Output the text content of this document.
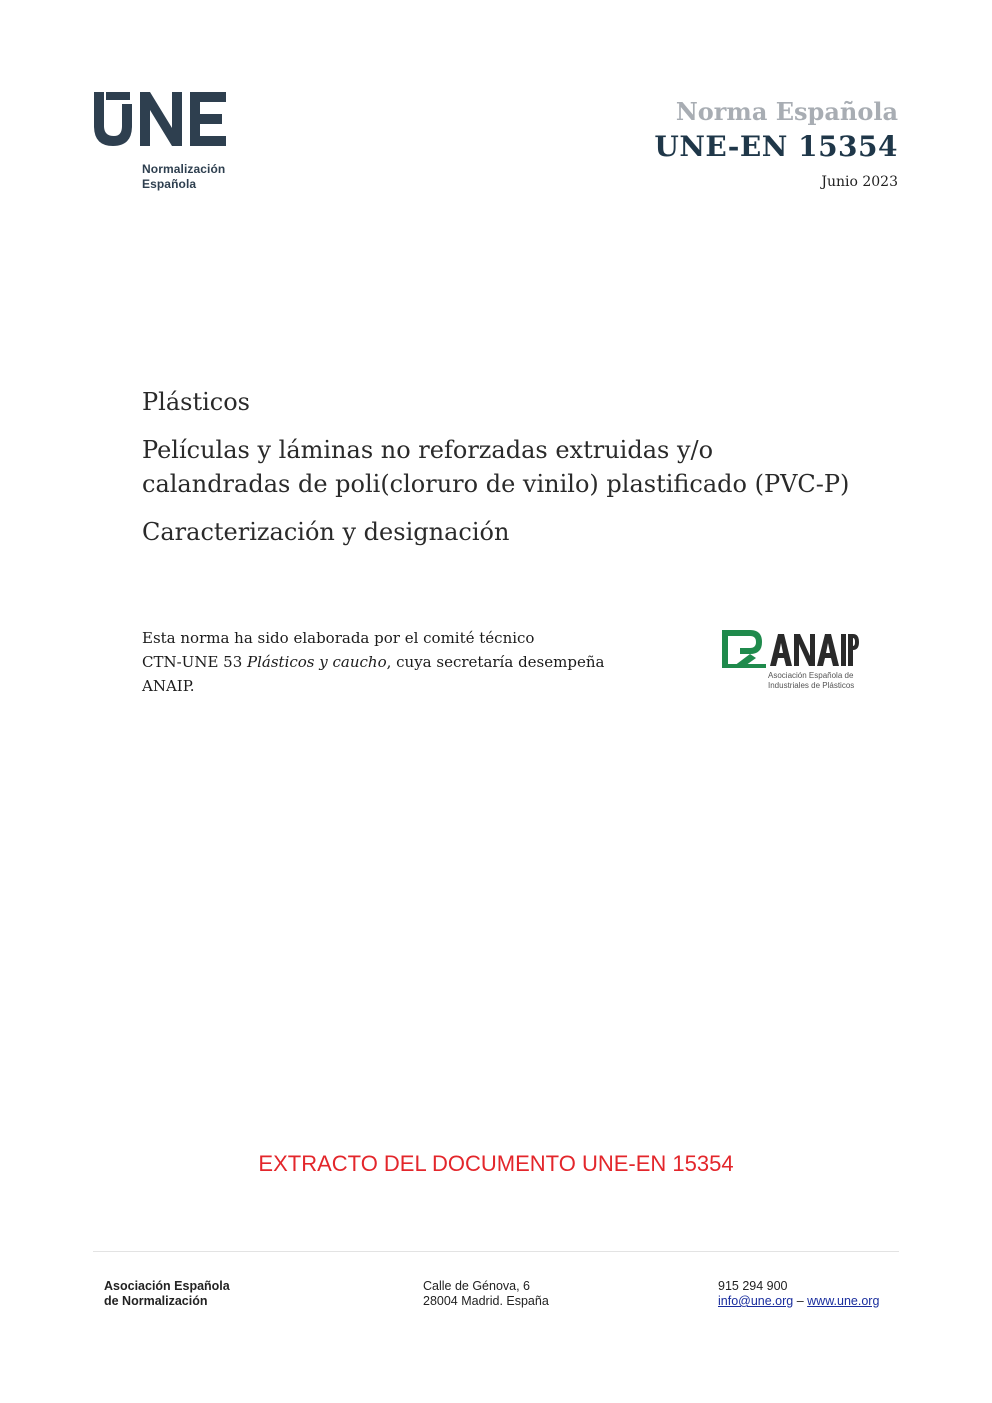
Normalización
Española
Norma Española
UNE-EN 15354
Junio 2023
Plásticos
Películas y láminas no reforzadas extruidas y/o
calandradas de poli(cloruro de vinilo) plastificado (PVC-P)
Caracterización y designación
Esta norma ha sido elaborada por el comité técnico
CTN-UNE 53 Plásticos y caucho, cuya secretaría desempeña
ANAIP.
Asociación Española de
Industriales de Plásticos
EXTRACTO DEL DOCUMENTO UNE-EN 15354
Asociación Española
de Normalización
Calle de Génova, 6
28004 Madrid. España
915 294 900
info@une.org – www.une.org
